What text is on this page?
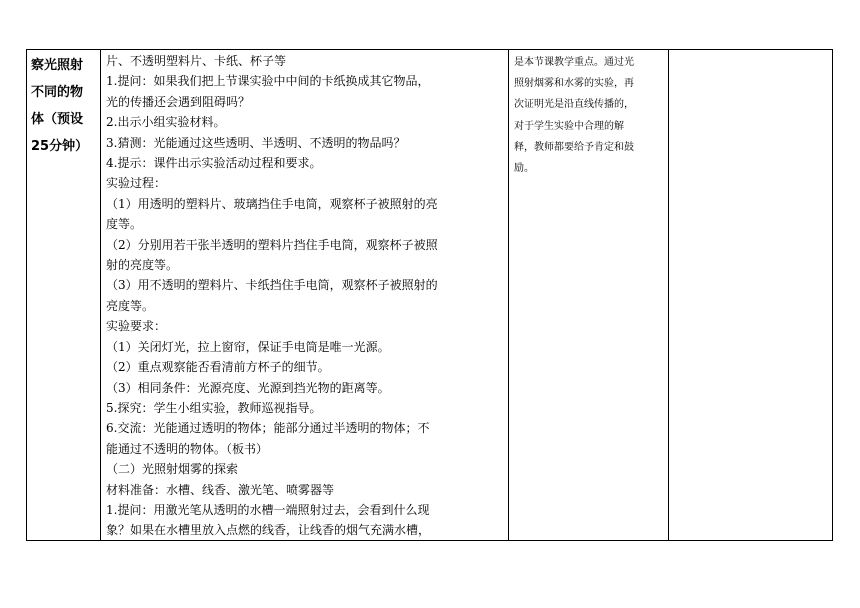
察光照射
不同的物
体（预设
25分钟）
片、不透明塑料片、卡纸、杯子等
1.提问：如果我们把上节课实验中中间的卡纸换成其它物品，
光的传播还会遇到阻碍吗？
2.出示小组实验材料。
3.猜测：光能通过这些透明、半透明、不透明的物品吗？
4.提示：课件出示实验活动过程和要求。
实验过程：
（1）用透明的塑料片、玻璃挡住手电筒，观察杯子被照射的亮
度等。
（2）分别用若干张半透明的塑料片挡住手电筒，观察杯子被照
射的亮度等。
（3）用不透明的塑料片、卡纸挡住手电筒，观察杯子被照射的
亮度等。
实验要求：
（1）关闭灯光，拉上窗帘，保证手电筒是唯一光源。
（2）重点观察能否看清前方杯子的细节。
（3）相同条件：光源亮度、光源到挡光物的距离等。
5.探究：学生小组实验，教师巡视指导。
6.交流：光能通过透明的物体；能部分通过半透明的物体；不
能通过不透明的物体。（板书）
（二）光照射烟雾的探索
材料准备：水槽、线香、激光笔、喷雾器等
1.提问：用激光笔从透明的水槽一端照射过去，会看到什么现
象？如果在水槽里放入点燃的线香，让线香的烟气充满水槽，
是本节课教学重点。通过光
照射烟雾和水雾的实验，再
次证明光是沿直线传播的，
对于学生实验中合理的解
释，教师都要给予肯定和鼓
励。
